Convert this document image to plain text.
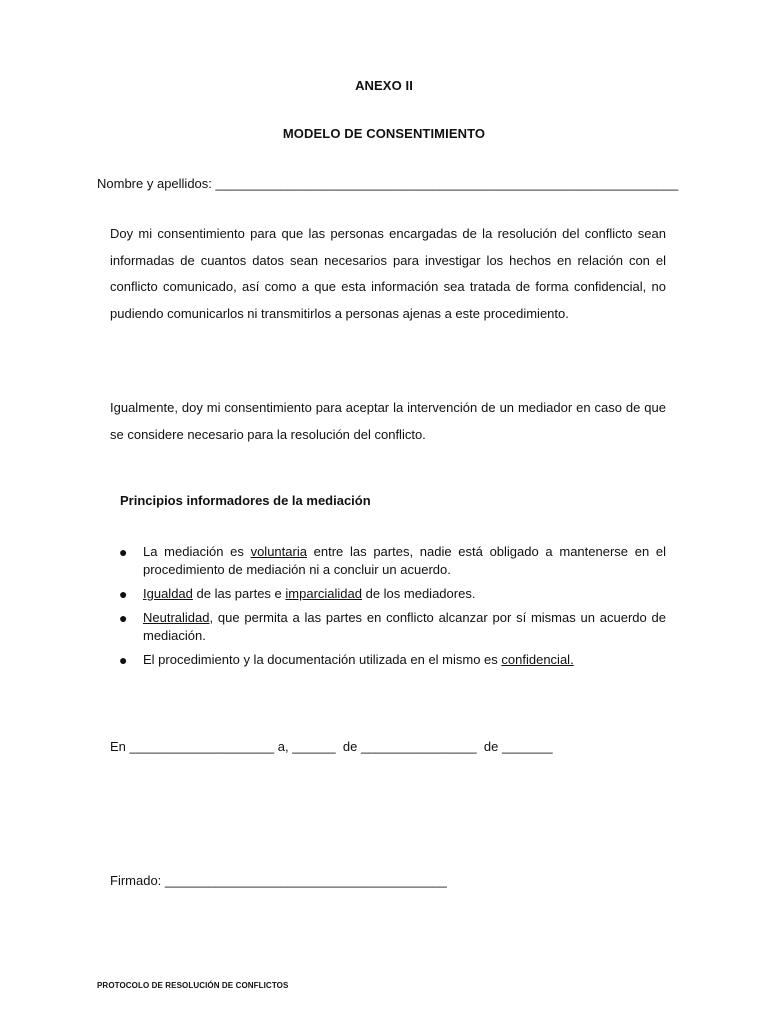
ANEXO II
MODELO DE CONSENTIMIENTO
Nombre y apellidos: ________________________________________________________________
Doy mi consentimiento para que las personas encargadas de la resolución del conflicto sean informadas de cuantos datos sean necesarios para investigar los hechos en relación con el conflicto comunicado, así como a que esta información sea tratada de forma confidencial, no pudiendo comunicarlos ni transmitirlos a personas ajenas a este procedimiento.
Igualmente, doy mi consentimiento para aceptar la intervención de un mediador en caso de que se considere necesario para la resolución del conflicto.
Principios informadores de la mediación
● La mediación es voluntaria entre las partes, nadie está obligado a mantenerse en el procedimiento de mediación ni a concluir un acuerdo.
● Igualdad de las partes e imparcialidad de los mediadores.
● Neutralidad, que permita a las partes en conflicto alcanzar por sí mismas un acuerdo de mediación.
● El procedimiento y la documentación utilizada en el mismo es confidencial.
En ____________________ a, ______ de ________________ de _______
Firmado: _______________________________________
PROTOCOLO DE RESOLUCIÓN DE CONFLICTOS
